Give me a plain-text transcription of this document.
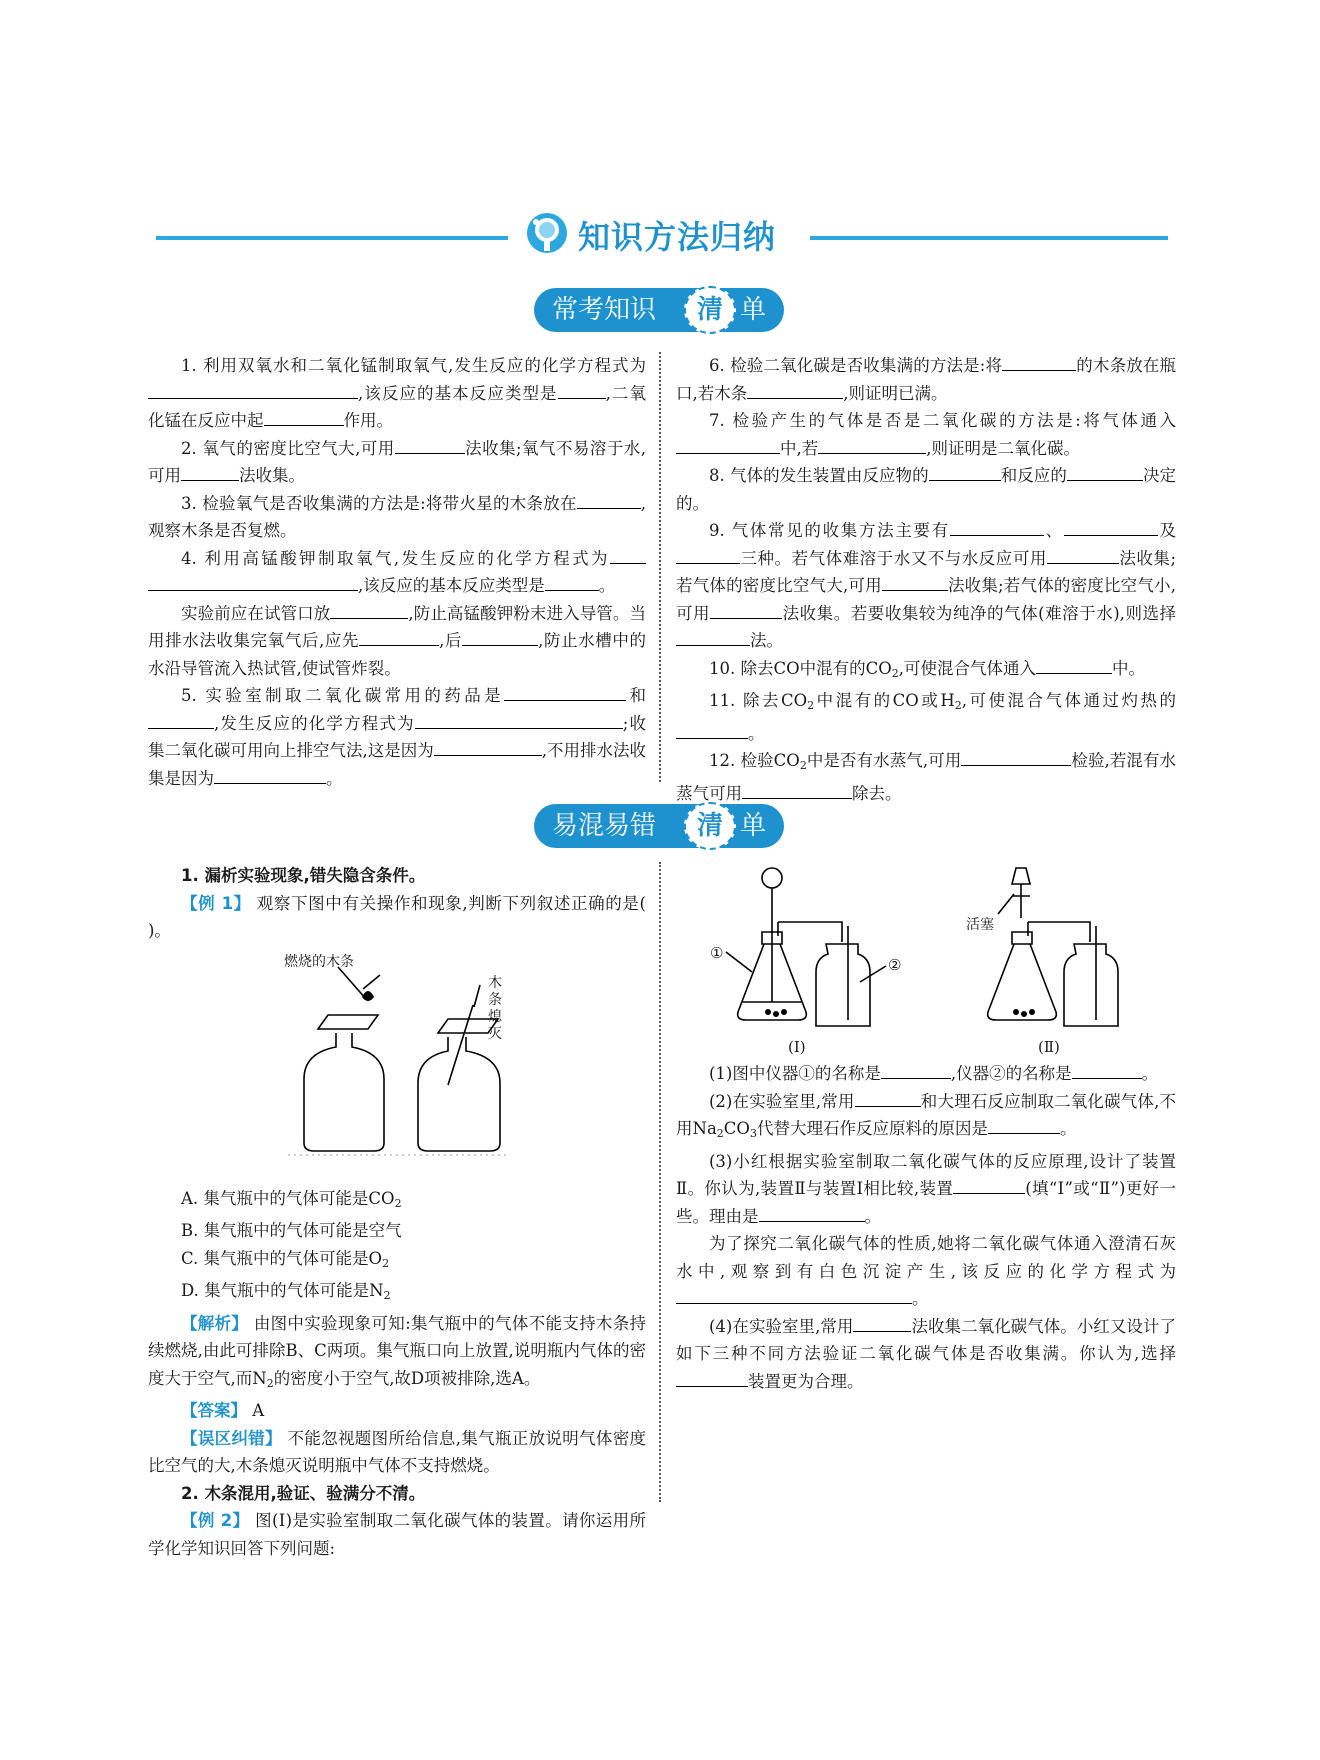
知识方法归纳
常考知识	清 单

1. 利用双氧水和二氧化锰制取氧气,发生反应的化学方程式为,该反应的基本反应类型是	,二氧化锰在反应中起	作用。

2. 氧气的密度比空气大,可用	法收集;氧气不易溶于水,可用	法收集。

3. 检验氧气是否收集满的方法是:将带火星的木条放在	,观察木条是否复燃。

4. 利用高锰酸钾制取氧气,发生反应的化学方程式为,该反应的基本反应类型是	。

实验前应在试管口放	,防止高锰酸钾粉末进入导管。当用排水法收集完氧气后,应先	,后	,防止水槽中的水沿导管流入热试管,使试管炸裂。

5. 实验室制取二氧化碳常用的药品是	和,发生反应的化学方程式为	;收集二氧化碳可用向上排空气法,这是因为	,不用排水法收集是因为	。

6. 检验二氧化碳是否收集满的方法是:将	的木条放在瓶口,若木条	,则证明已满。

7. 检验产生的气体是否是二氧化碳的方法是:将气体通入中,若	,则证明是二氧化碳。

8. 气体的发生装置由反应物的	和反应的	决定的。

9. 气体常见的收集方法主要有	、	及三种。若气体难溶于水又不与水反应可用	法收集;若气体的密度比空气大,可用	法收集;若气体的密度比空气小,可用	法收集。若要收集较为纯净的气体(难溶于水),则选择法。

10. 除去CO中混有的$CO_2$,可使混合气体通入	中。

11. 除去$CO_2$中混有的CO或$H_2$,可使混合气体通过灼热的。

12. 检验$CO_2$中是否有水蒸气,可用	检验,若混有水蒸气可用	除去。

易混易错	清 单

1. 漏析实验现象,错失隐含条件。

【例 1】 观察下图中有关操作和现象,判断下列叙述正确的是( )。

燃烧的木条
木条熄灭

A. 集气瓶中的气体可能是$CO_2$

B. 集气瓶中的气体可能是空气

C. 集气瓶中的气体可能是$O_2$

D. 集气瓶中的气体可能是$N_2$

【解析】 由图中实验现象可知:集气瓶中的气体不能支持木条持续燃烧,由此可排除B、C两项。集气瓶口向上放置,说明瓶内气体的密度大于空气,而$N_2$的密度小于空气,故D项被排除,选A。

【答案】 A

【误区纠错】 不能忽视题图所给信息,集气瓶正放说明气体密度比空气的大,木条熄灭说明瓶中气体不支持燃烧。

2. 木条混用,验证、验满分不清。

【例 2】 图(Ⅰ)是实验室制取二氧化碳气体的装置。请你运用所学化学知识回答下列问题:

①
②
活塞
(Ⅰ)	(Ⅱ)

(1)图中仪器①的名称是	,仪器②的名称是	。

(2)在实验室里,常用	和大理石反应制取二氧化碳气体,不用$Na_2CO_3$代替大理石作反应原料的原因是	。

(3)小红根据实验室制取二氧化碳气体的反应原理,设计了装置Ⅱ。你认为,装置Ⅱ与装置Ⅰ相比较,装置	(填“Ⅰ”或“Ⅱ”)更好一些。理由是	。

为了探究二氧化碳气体的性质,她将二氧化碳气体通入澄清石灰水中,观察到有白色沉淀产生,该反应的化学方程式为。

(4)在实验室里,常用	法收集二氧化碳气体。小红又设计了如下三种不同方法验证二氧化碳气体是否收集满。你认为,选择装置更为合理。
